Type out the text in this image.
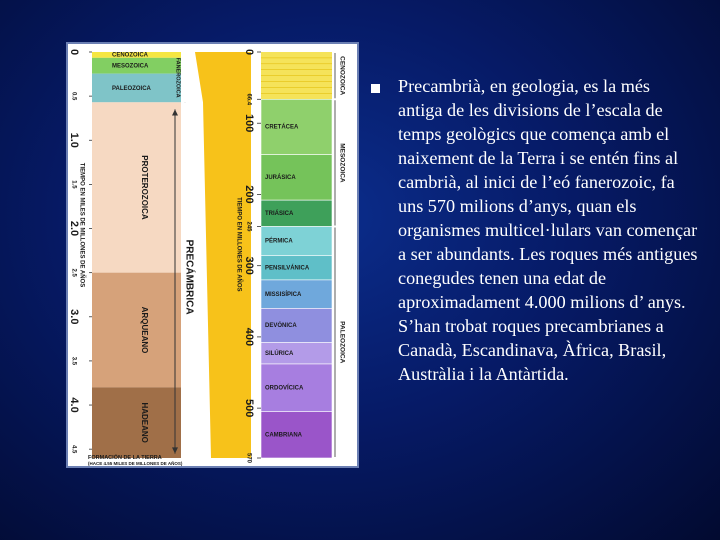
CENOZOICA
MESOZOICA
PALEOZOICA
PROTEROZOICA
ARQUEANO
HADEANO
FANEROZOICA
PRECÁMBRICA
0
0.5
1.0
1.5
2.0
2.5
3.0
3.5
4.0
4.5
TIEMPO EN MILES DE MILLONES DE AÑOS
FORMACIÓN DE LA TIERRA
(HACE 4.55 MILES DE MILLONES DE AÑOS)
CRETÁCEA
JURÁSICA
TRIÁSICA
PÉRMICA
PENSILVÁNICA
MISSISÍPICA
DEVÓNICA
SILÚRICA
ORDOVÍCICA
CAMBRIANA
0
66.4
100
200
245
300
400
500
570
TIEMPO EN MILLONES DE AÑOS
CENOZOICA
MESOZOICA
PALEOZOICA

Precambrià, en geologia, es la més antiga de les divisions de l’escala de temps geològics que comença amb el naixement de la Terra i se entén fins al cambrià, al inici de l’eó fanerozoic, fa uns 570 milions d’anys, quan els organismes multicel·lulars van començar a ser abundants. Les roques més antigues conegudes tenen una edat de aproximadament 4.000 milions d’ anys. S’han trobat roques precambrianes a Canadà, Escandinava, Àfrica, Brasil, Austràlia i la Antàrtida.
